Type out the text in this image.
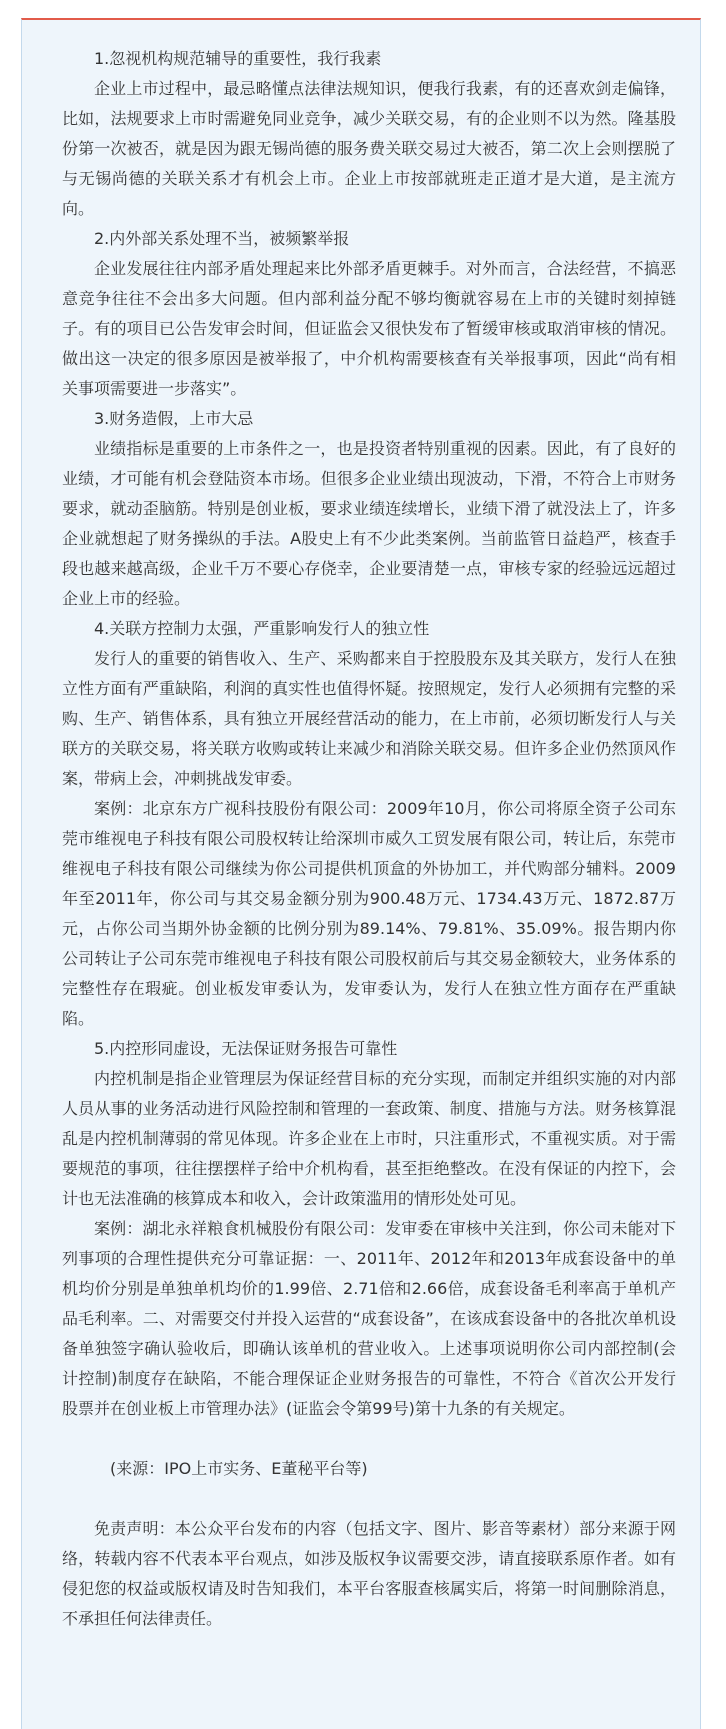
1.忽视机构规范辅导的重要性，我行我素

企业上市过程中，最忌略懂点法律法规知识，便我行我素，有的还喜欢剑走偏锋，比如，法规要求上市时需避免同业竞争，减少关联交易，有的企业则不以为然。隆基股份第一次被否，就是因为跟无锡尚德的服务费关联交易过大被否，第二次上会则摆脱了与无锡尚德的关联关系才有机会上市。企业上市按部就班走正道才是大道，是主流方向。

2.内外部关系处理不当，被频繁举报

企业发展往往内部矛盾处理起来比外部矛盾更棘手。对外而言，合法经营，不搞恶意竞争往往不会出多大问题。但内部利益分配不够均衡就容易在上市的关键时刻掉链子。有的项目已公告发审会时间，但证监会又很快发布了暂缓审核或取消审核的情况。做出这一决定的很多原因是被举报了，中介机构需要核查有关举报事项，因此“尚有相关事项需要进一步落实”。

3.财务造假，上市大忌

业绩指标是重要的上市条件之一，也是投资者特别重视的因素。因此，有了良好的业绩，才可能有机会登陆资本市场。但很多企业业绩出现波动，下滑，不符合上市财务要求，就动歪脑筋。特别是创业板，要求业绩连续增长，业绩下滑了就没法上了，许多企业就想起了财务操纵的手法。A股史上有不少此类案例。当前监管日益趋严，核查手段也越来越高级，企业千万不要心存侥幸，企业要清楚一点，审核专家的经验远远超过企业上市的经验。

4.关联方控制力太强，严重影响发行人的独立性

发行人的重要的销售收入、生产、采购都来自于控股股东及其关联方，发行人在独立性方面有严重缺陷，利润的真实性也值得怀疑。按照规定，发行人必须拥有完整的采购、生产、销售体系，具有独立开展经营活动的能力，在上市前，必须切断发行人与关联方的关联交易，将关联方收购或转让来减少和消除关联交易。但许多企业仍然顶风作案，带病上会，冲刺挑战发审委。

案例：北京东方广视科技股份有限公司：2009年10月，你公司将原全资子公司东莞市维视电子科技有限公司股权转让给深圳市威久工贸发展有限公司，转让后，东莞市维视电子科技有限公司继续为你公司提供机顶盒的外协加工，并代购部分辅料。2009年至2011年，你公司与其交易金额分别为900.48万元、1734.43万元、1872.87万元，占你公司当期外协金额的比例分别为89.14%、79.81%、35.09%。报告期内你公司转让子公司东莞市维视电子科技有限公司股权前后与其交易金额较大，业务体系的完整性存在瑕疵。创业板发审委认为，发审委认为，发行人在独立性方面存在严重缺陷。

5.内控形同虚设，无法保证财务报告可靠性

内控机制是指企业管理层为保证经营目标的充分实现，而制定并组织实施的对内部人员从事的业务活动进行风险控制和管理的一套政策、制度、措施与方法。财务核算混乱是内控机制薄弱的常见体现。许多企业在上市时，只注重形式，不重视实质。对于需要规范的事项，往往摆摆样子给中介机构看，甚至拒绝整改。在没有保证的内控下，会计也无法准确的核算成本和收入，会计政策滥用的情形处处可见。

案例：湖北永祥粮食机械股份有限公司：发审委在审核中关注到，你公司未能对下列事项的合理性提供充分可靠证据：一、2011年、2012年和2013年成套设备中的单机均价分别是单独单机均价的1.99倍、2.71倍和2.66倍，成套设备毛利率高于单机产品毛利率。二、对需要交付并投入运营的“成套设备”，在该成套设备中的各批次单机设备单独签字确认验收后，即确认该单机的营业收入。上述事项说明你公司内部控制(会计控制)制度存在缺陷，不能合理保证企业财务报告的可靠性，不符合《首次公开发行股票并在创业板上市管理办法》(证监会令第99号)第十九条的有关规定。

(来源：IPO上市实务、E董秘平台等)

免责声明：本公众平台发布的内容（包括文字、图片、影音等素材）部分来源于网络，转载内容不代表本平台观点，如涉及版权争议需要交涉，请直接联系原作者。如有侵犯您的权益或版权请及时告知我们，本平台客服查核属实后，将第一时间删除消息，不承担任何法律责任。
